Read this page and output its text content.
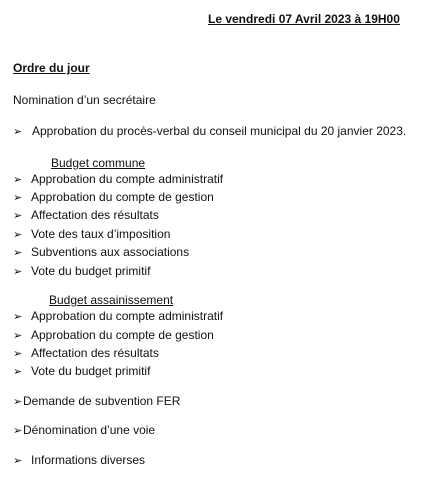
Le vendredi 07 Avril 2023 à 19H00
Ordre du jour
Nomination d’un secrétaire
➢ Approbation du procès-verbal du conseil municipal du 20 janvier 2023.
Budget commune
➢ Approbation du compte administratif
➢ Approbation du compte de gestion
➢ Affectation des résultats
➢ Vote des taux d’imposition
➢ Subventions aux associations
➢ Vote du budget primitif
Budget assainissement
➢ Approbation du compte administratif
➢ Approbation du compte de gestion
➢ Affectation des résultats
➢ Vote du budget primitif
➢ Demande de subvention FER
➢ Dénomination d’une voie
➢ Informations diverses
